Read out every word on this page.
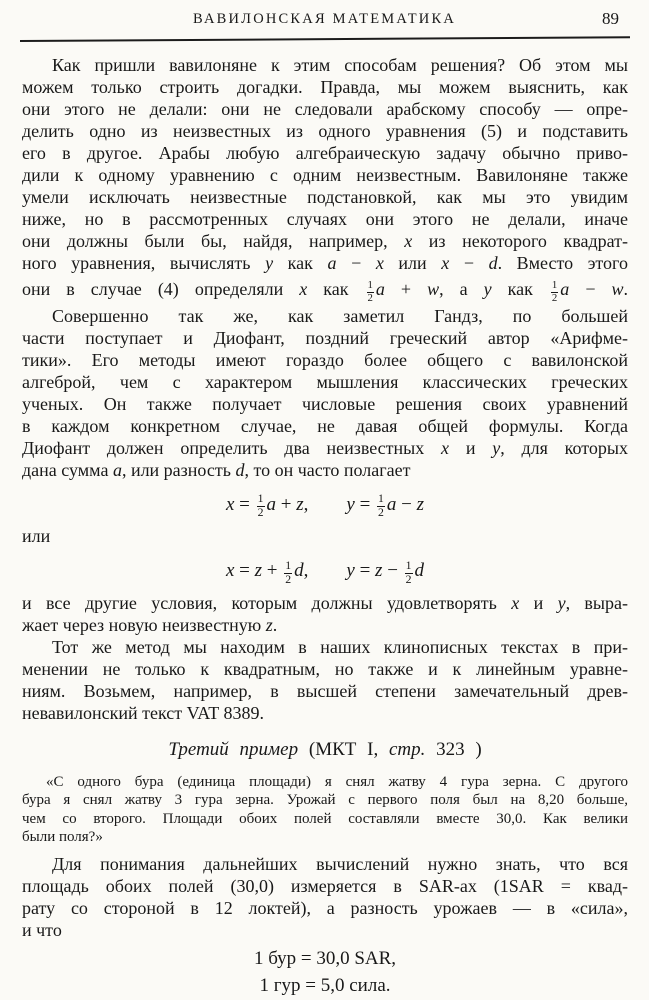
ВАВИЛОНСКАЯ МАТЕМАТИКА	89
Как пришли вавилоняне к этим способам решения? Об этом мы
можем только строить догадки. Правда, мы можем выяснить, как
они этого не делали: они не следовали арабскому способу — опре-
делить одно из неизвестных из одного уравнения (5) и подставить
его в другое. Арабы любую алгебраическую задачу обычно приво-
дили к одному уравнению с одним неизвестным. Вавилоняне также
умели исключать неизвестные подстановкой, как мы это увидим
ниже, но в рассмотренных случаях они этого не делали, иначе
они должны были бы, найдя, например, x из некоторого квадрат-
ного уравнения, вычислять y как a − x или x − d. Вместо этого
они в случае (4) определяли x как $\frac{1}{2}$ a + w, а y как $\frac{1}{2}$ a − w.
Совершенно так же, как заметил Гандз, по большей
части поступает и Диофант, поздний греческий автор «Арифме-
тики». Его методы имеют гораздо более общего с вавилонской
алгеброй, чем с характером мышления классических греческих
ученых. Он также получает числовые решения своих уравнений
в каждом конкретном случае, не давая общей формулы. Когда
Диофант должен определить два неизвестных x и y, для которых
дана сумма a, или разность d, то он часто полагает
$x = \frac{1}{2}$ a + z,  $y = \frac{1}{2}$ a − z
или
$x = z + \frac{1}{2} d$,  $y = z - \frac{1}{2}$ d
и все другие условия, которым должны удовлетворять x и y, выра-
жает через новую неизвестную z.
Тот же метод мы находим в наших клинописных текстах в при-
менении не только к квадратным, но также и к линейным уравне-
ниям. Возьмем, например, в высшей степени замечательный древ-
невавилонский текст VAT 8389.
Третий пример (МКТ I, стр. 323 )
«С одного бура (единица площади) я снял жатву 4 гура зерна. С другого
бура я снял жатву 3 гура зерна. Урожай с первого поля был на 8,20 больше,
чем со второго. Площади обоих полей составляли вместе 30,0. Как велики
были поля?»
Для понимания дальнейших вычислений нужно знать, что вся
площадь обоих полей (30,0) измеряется в SAR-ах (1SAR = квад-
рату со стороной в 12 локтей), а разность урожаев — в «сила»,
и что
1 бур = 30,0 SAR,
1 гур = 5,0 сила.
